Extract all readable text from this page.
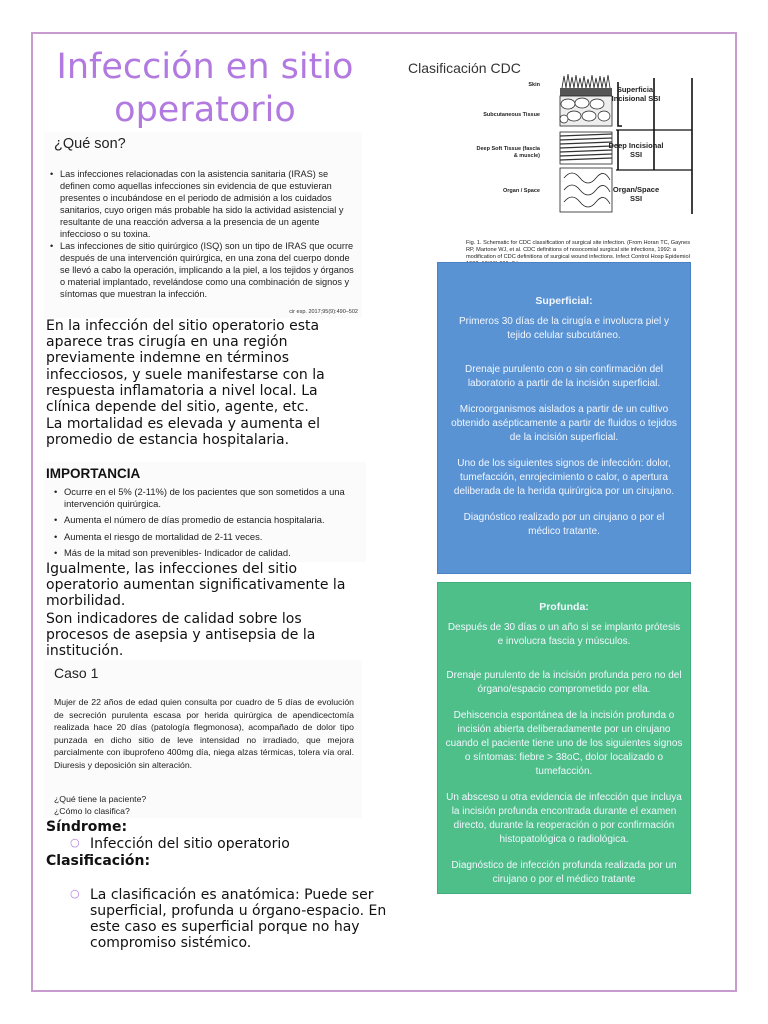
Infección en sitio operatorio
¿Qué son?
• Las infecciones relacionadas con la asistencia sanitaria (IRAS) se definen como aquellas infecciones sin evidencia de que estuvieran presentes o incubándose en el periodo de admisión a los cuidados sanitarios, cuyo origen más probable ha sido la actividad asistencial y resultante de una reacción adversa a la presencia de un agente infeccioso o su toxina.
• Las infecciones de sitio quirúrgico (ISQ) son un tipo de IRAS que ocurre después de una intervención quirúrgica, en una zona del cuerpo donde se llevó a cabo la operación, implicando a la piel, a los tejidos y órganos o material implantado, revelándose como una combinación de signos y síntomas que muestran la infección.
cir esp. 2017;95(9):490–502
En la infección del sitio operatorio esta aparece tras cirugía en una región previamente indemne en términos infecciosos, y suele manifestarse con la respuesta inflamatoria a nivel local. La clínica depende del sitio, agente, etc.
La mortalidad es elevada y aumenta el promedio de estancia hospitalaria.
IMPORTANCIA
• Ocurre en el 5% (2-11%) de los pacientes que son sometidos a una intervención quirúrgica.
• Aumenta el número de días promedio de estancia hospitalaria.
• Aumenta el riesgo de mortalidad de 2-11 veces.
• Más de la mitad son prevenibles- Indicador de calidad.
Igualmente, las infecciones del sitio operatorio aumentan significativamente la morbilidad.
Son indicadores de calidad sobre los procesos de asepsia y antisepsia de la institución.
Caso 1
Mujer de 22 años de edad quien consulta por cuadro de 5 días de evolución de secreción purulenta escasa por herida quirúrgica de apendicectomía realizada hace 20 días (patología flegmonosa), acompañado de dolor tipo punzada en dicho sitio de leve intensidad no irradiado, que mejora parcialmente con ibuprofeno 400mg día, niega alzas térmicas, tolera vía oral. Diuresis y deposición sin alteración.
¿Qué tiene la paciente?
¿Cómo lo clasifica?
Síndrome:
○ Infección del sitio operatorio
Clasificación:
○ La clasificación es anatómica: Puede ser superficial, profunda u órgano-espacio. En este caso es superficial porque no hay compromiso sistémico.
Clasificación CDC
Skin
Subcutaneous Tissue
Deep Soft Tissue (fascia & muscle)
Organ / Space
Superficial Incisional SSI
Deep Incisional SSI
Organ/Space SSI
Fig. 1. Schematic for CDC classification of surgical site infection. (From Horan TC, Gaynes RP, Martone WJ, et al. CDC definitions of nosocomial surgical site infections, 1992: a modification of CDC definitions of surgical wound infections. Infect Control Hosp Epidemiol
Superficial:

Primeros 30 días de la cirugía e involucra piel y tejido celular subcutáneo.

Drenaje purulento con o sin confirmación del laboratorio a partir de la incisión superficial.

Microorganismos aislados a partir de un cultivo obtenido asépticamente a partir de fluidos o tejidos de la incisión superficial.

Uno de los siguientes signos de infección: dolor, tumefacción, enrojecimiento o calor, o apertura deliberada de la herida quirúrgica por un cirujano.

Diagnóstico realizado por un cirujano o por el médico tratante.

Profunda:

Después de 30 días o un año si se implanto prótesis e involucra fascia y músculos.

Drenaje purulento de la incisión profunda pero no del órgano/espacio comprometido por ella.

Dehiscencia espontánea de la incisión profunda o incisión abierta deliberadamente por un cirujano cuando el paciente tiene uno de los siguientes signos o síntomas: fiebre > 38oC, dolor localizado o tumefacción.

Un absceso u otra evidencia de infección que incluya la incisión profunda encontrada durante el examen directo, durante la reoperación o por confirmación histopatológica o radiológica.

Diagnóstico de infección profunda realizada por un cirujano o por el médico tratante
